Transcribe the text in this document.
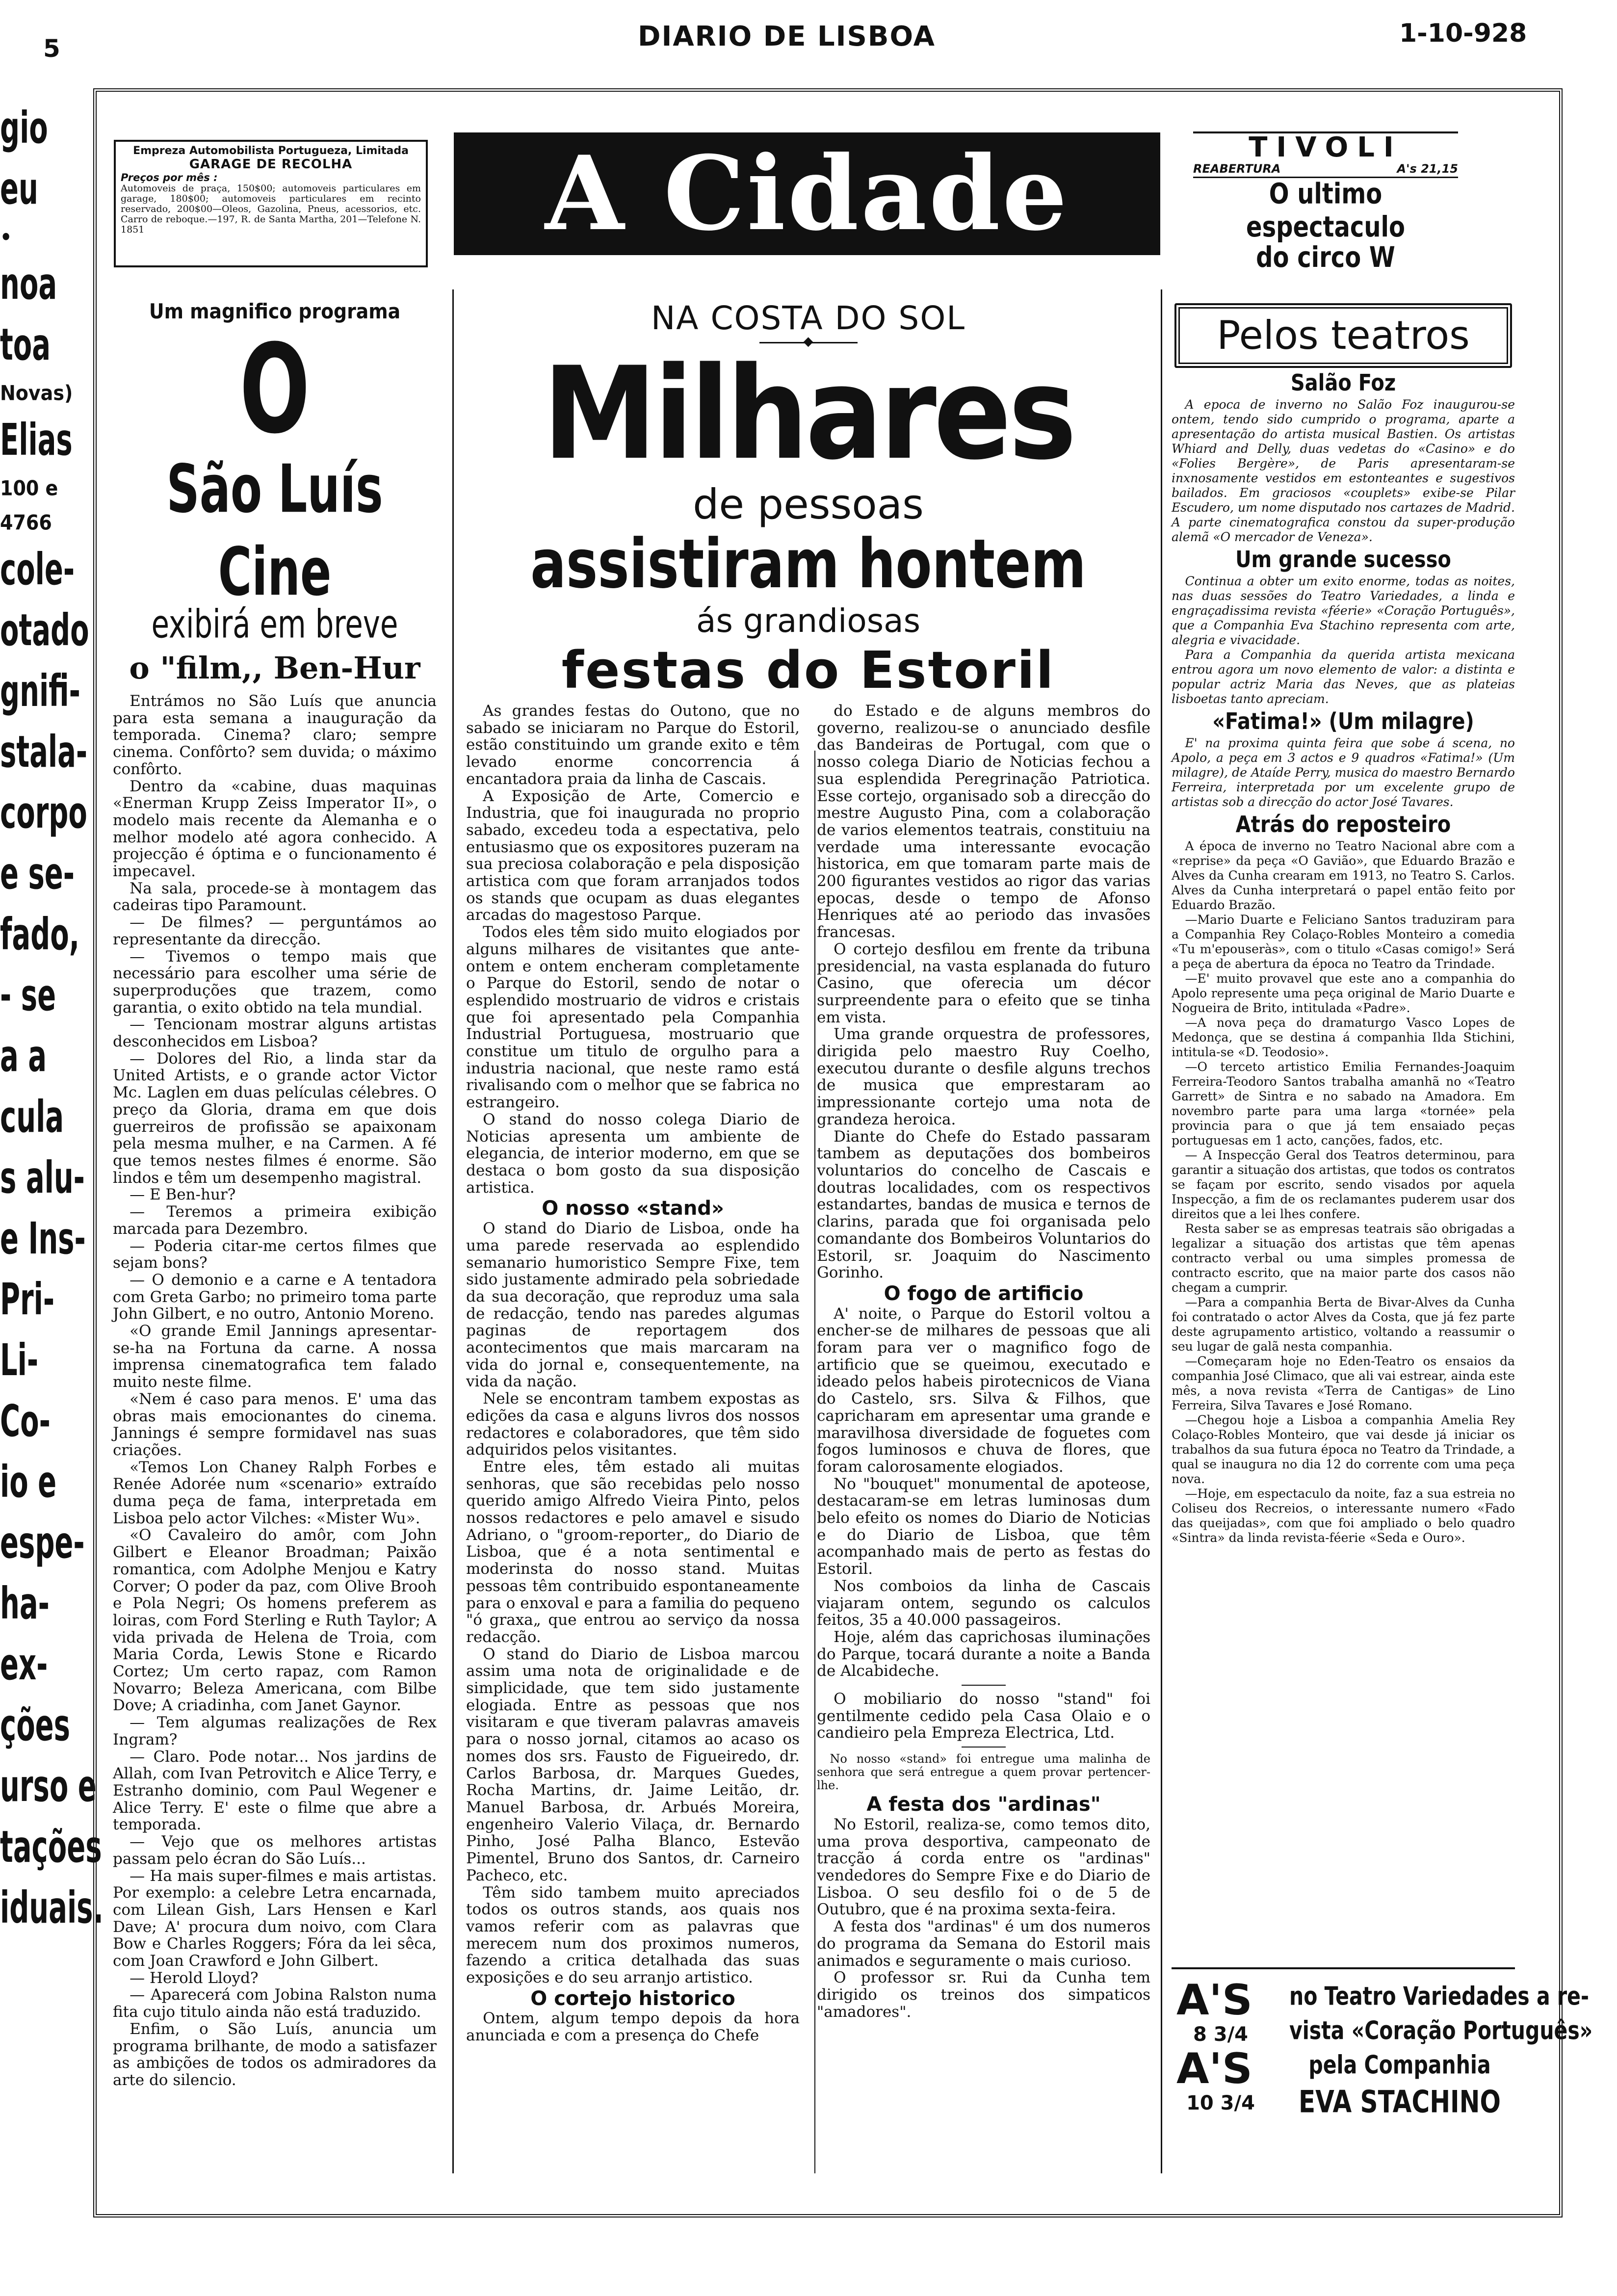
5	DIARIO DE LISBOA	1-10-928
gio
eu
•
noa
toa
Novas)
Elias
100 e
4766
cole-
otado
gnifi-
stala-
corpo
e se-
fado,
- se
a a
cula
s alu-
e Ins-
Pri-
Li-
Co-
io e
espe-
ha-
ex-
ções
urso e
tações
iduais.
Empreza Automobilista Portugueza, Limitada
GARAGE DE RECOLHA
Preços por mês :
Automoveis de praça, 150$00; automoveis particulares em garage, 180$00; automoveis particulares em recinto reservado, 200$00—Oleos, Gazolina, Pneus, acessorios, etc. Carro de reboque.—197, R. de Santa Martha, 201—Telefone N. 1851	A Cidade	TIVOLI
REABERTURA	A's 21,15
O ultimo espectaculo
do circo W
Um magnifico programa
O
São Luís Cine
exibirá em breve
o "film,, Ben-Hur

Entrámos no São Luís que anuncia para esta semana a inauguração da temporada. Cinema? claro; sempre cinema. Confôrto? sem duvida; o máximo confôrto.

Dentro da «cabine, duas maquinas «Enerman Krupp Zeiss Imperator II», o modelo mais recente da Alemanha e o melhor modelo até agora conhecido. A projecção é óptima e o funcionamento é impecavel.

Na sala, procede-se à montagem das cadeiras tipo Paramount.

— De filmes? — perguntámos ao representante da direcção.

— Tivemos o tempo mais que necessário para escolher uma série de superproduções que trazem, como garantia, o exito obtido na tela mundial.

— Tencionam mostrar alguns artistas desconhecidos em Lisboa?

— Dolores del Rio, a linda star da United Artists, e o grande actor Victor Mc. Laglen em duas películas célebres. O preço da Gloria, drama em que dois guerreiros de profissão se apaixonam pela mesma mulher, e na Carmen. A fé que temos nestes filmes é enorme. São lindos e têm um desempenho magistral.

— E Ben-hur?

— Teremos a primeira exibição marcada para Dezembro.

— Poderia citar-me certos filmes que sejam bons?

— O demonio e a carne e A tentadora com Greta Garbo; no primeiro toma parte John Gilbert, e no outro, Antonio Moreno.

«O grande Emil Jannings apresentar-se-ha na Fortuna da carne. A nossa imprensa cinematografica tem falado muito neste filme.

«Nem é caso para menos. E' uma das obras mais emocionantes do cinema. Jannings é sempre formidavel nas suas criações.

«Temos Lon Chaney Ralph Forbes e Renée Adorée num «scenario» extraído duma peça de fama, interpretada em Lisboa pelo actor Vilches: «Mister Wu».

«O Cavaleiro do amôr, com John Gilbert e Eleanor Broadman; Paixão romantica, com Adolphe Menjou e Katry Corver; O poder da paz, com Olive Brooh e Pola Negri; Os homens preferem as loiras, com Ford Sterling e Ruth Taylor; A vida privada de Helena de Troia, com Maria Corda, Lewis Stone e Ricardo Cortez; Um certo rapaz, com Ramon Novarro; Beleza Americana, com Bilbe Dove; A criadinha, com Janet Gaynor.

— Tem algumas realizações de Rex Ingram?

— Claro. Pode notar... Nos jardins de Allah, com Ivan Petrovitch e Alice Terry, e Estranho dominio, com Paul Wegener e Alice Terry. E' este o filme que abre a temporada.

— Vejo que os melhores artistas passam pelo écran do São Luís...

— Ha mais super-filmes e mais artistas. Por exemplo: a celebre Letra encarnada, com Lilean Gish, Lars Hensen e Karl Dave; A' procura dum noivo, com Clara Bow e Charles Roggers; Fóra da lei sêca, com Joan Crawford e John Gilbert.

— Herold Lloyd?

— Aparecerá com Jobina Ralston numa fita cujo titulo ainda não está traduzido.

Enfim, o São Luís, anuncia um programa brilhante, de modo a satisfazer as ambições de todos os admiradores da arte do silencio.

NA COSTA DO SOL
◆
Milhares
de pessoas
assistiram hontem
ás grandiosas
festas do Estoril

As grandes festas do Outono, que no sabado se iniciaram no Parque do Estoril, estão constituindo um grande exito e têm levado enorme concorrencia á encantadora praia da linha de Cascais.

A Exposição de Arte, Comercio e Industria, que foi inaugurada no proprio sabado, excedeu toda a espectativa, pelo entusiasmo que os expositores puzeram na sua preciosa colaboração e pela disposição artistica com que foram arranjados todos os stands que ocupam as duas elegantes arcadas do magestoso Parque.

Todos eles têm sido muito elogiados por alguns milhares de visitantes que ante-ontem e ontem encheram completamente o Parque do Estoril, sendo de notar o esplendido mostruario de vidros e cristais que foi apresentado pela Companhia Industrial Portuguesa, mostruario que constitue um titulo de orgulho para a industria nacional, que neste ramo está rivalisando com o melhor que se fabrica no estrangeiro.

O stand do nosso colega Diario de Noticias apresenta um ambiente de elegancia, de interior moderno, em que se destaca o bom gosto da sua disposição artistica.

O nosso «stand»

O stand do Diario de Lisboa, onde ha uma parede reservada ao esplendido semanario humoristico Sempre Fixe, tem sido justamente admirado pela sobriedade da sua decoração, que reproduz uma sala de redacção, tendo nas paredes algumas paginas de reportagem dos acontecimentos que mais marcaram na vida do jornal e, consequentemente, na vida da nação.

Nele se encontram tambem expostas as edições da casa e alguns livros dos nossos redactores e colaboradores, que têm sido adquiridos pelos visitantes.

Entre eles, têm estado ali muitas senhoras, que são recebidas pelo nosso querido amigo Alfredo Vieira Pinto, pelos nossos redactores e pelo amavel e sisudo Adriano, o "groom-reporter„ do Diario de Lisboa, que é a nota sentimental e moderinsta do nosso stand. Muitas pessoas têm contribuido espontaneamente para o enxoval e para a familia do pequeno "ó graxa„ que entrou ao serviço da nossa redacção.

O stand do Diario de Lisboa marcou assim uma nota de originalidade e de simplicidade, que tem sido justamente elogiada. Entre as pessoas que nos visitaram e que tiveram palavras amaveis para o nosso jornal, citamos ao acaso os nomes dos srs. Fausto de Figueiredo, dr. Carlos Barbosa, dr. Marques Guedes, Rocha Martins, dr. Jaime Leitão, dr. Manuel Barbosa, dr. Arbués Moreira, engenheiro Valerio Vilaça, dr. Bernardo Pinho, José Palha Blanco, Estevão Pimentel, Bruno dos Santos, dr. Carneiro Pacheco, etc.

Têm sido tambem muito apreciados todos os outros stands, aos quais nos vamos referir com as palavras que merecem num dos proximos numeros, fazendo a critica detalhada das suas exposições e do seu arranjo artistico.

O cortejo historico

Ontem, algum tempo depois da hora anunciada e com a presença do Chefe

do Estado e de alguns membros do governo, realizou-se o anunciado desfile das Bandeiras de Portugal, com que o nosso colega Diario de Noticias fechou a sua esplendida Peregrinação Patriotica. Esse cortejo, organisado sob a direcção do mestre Augusto Pina, com a colaboração de varios elementos teatrais, constituiu na verdade uma interessante evocação historica, em que tomaram parte mais de 200 figurantes vestidos ao rigor das varias epocas, desde o tempo de Afonso Henriques até ao periodo das invasões francesas.

O cortejo desfilou em frente da tribuna presidencial, na vasta esplanada do futuro Casino, que oferecia um décor surpreendente para o efeito que se tinha em vista.

Uma grande orquestra de professores, dirigida pelo maestro Ruy Coelho, executou durante o desfile alguns trechos de musica que emprestaram ao impressionante cortejo uma nota de grandeza heroica.

Diante do Chefe do Estado passaram tambem as deputações dos bombeiros voluntarios do concelho de Cascais e doutras localidades, com os respectivos estandartes, bandas de musica e ternos de clarins, parada que foi organisada pelo comandante dos Bombeiros Voluntarios do Estoril, sr. Joaquim do Nascimento Gorinho.

O fogo de artificio

A' noite, o Parque do Estoril voltou a encher-se de milhares de pessoas que ali foram para ver o magnifico fogo de artificio que se queimou, executado e ideado pelos habeis pirotecnicos de Viana do Castelo, srs. Silva & Filhos, que capricharam em apresentar uma grande e maravilhosa diversidade de foguetes com fogos luminosos e chuva de flores, que foram calorosamente elogiados.

No "bouquet" monumental de apoteose, destacaram-se em letras luminosas dum belo efeito os nomes do Diario de Noticias e do Diario de Lisboa, que têm acompanhado mais de perto as festas do Estoril.

Nos comboios da linha de Cascais viajaram ontem, segundo os calculos feitos, 35 a 40.000 passageiros.

Hoje, além das caprichosas iluminações do Parque, tocará durante a noite a Banda de Alcabideche.

O mobiliario do nosso "stand" foi gentilmente cedido pela Casa Olaio e o candieiro pela Empreza Electrica, Ltd.

No nosso «stand» foi entregue uma malinha de senhora que será entregue a quem provar pertencer-lhe.

A festa dos "ardinas"

No Estoril, realiza-se, como temos dito, uma prova desportiva, campeonato de tracção á corda entre os "ardinas" vendedores do Sempre Fixe e do Diario de Lisboa. O seu desfilo foi o de 5 de Outubro, que é na proxima sexta-feira.

A festa dos "ardinas" é um dos numeros do programa da Semana do Estoril mais animados e seguramente o mais curioso.

O professor sr. Rui da Cunha tem dirigido os treinos dos simpaticos "amadores".

Pelos teatros
Salão Foz

A epoca de inverno no Salão Foz inaugurou-se ontem, tendo sido cumprido o programa, aparte a apresentação do artista musical Bastien. Os artistas Whiard and Delly, duas vedetas do «Casino» e do «Folies Bergère», de Paris apresentaram-se inxnosamente vestidos em estonteantes e sugestivos bailados. Em graciosos «couplets» exibe-se Pilar Escudero, um nome disputado nos cartazes de Madrid. A parte cinematografica constou da super-produção alemã «O mercador de Veneza».

Um grande sucesso

Continua a obter um exito enorme, todas as noites, nas duas sessões do Teatro Variedades, a linda e engraçadissima revista «féerie» «Coração Português», que a Companhia Eva Stachino representa com arte, alegria e vivacidade.

Para a Companhia da querida artista mexicana entrou agora um novo elemento de valor: a distinta e popular actriz Maria das Neves, que as plateias lisboetas tanto apreciam.

«Fatima!» (Um milagre)

E' na proxima quinta feira que sobe á scena, no Apolo, a peça em 3 actos e 9 quadros «Fatima!» (Um milagre), de Ataíde Perry, musica do maestro Bernardo Ferreira, interpretada por um excelente grupo de artistas sob a direcção do actor José Tavares.

Atrás do reposteiro

A época de inverno no Teatro Nacional abre com a «reprise» da peça «O Gavião», que Eduardo Brazão e Alves da Cunha crearam em 1913, no Teatro S. Carlos. Alves da Cunha interpretará o papel então feito por Eduardo Brazão.

—Mario Duarte e Feliciano Santos traduziram para a Companhia Rey Colaço-Robles Monteiro a comedia «Tu m'epouseràs», com o titulo «Casas comigo!» Será a peça de abertura da época no Teatro da Trindade.

—E' muito provavel que este ano a companhia do Apolo represente uma peça original de Mario Duarte e Nogueira de Brito, intitulada «Padre».

—A nova peça do dramaturgo Vasco Lopes de Medonça, que se destina á companhia Ilda Stichini, intitula-se «D. Teodosio».

—O terceto artistico Emilia Fernandes-Joaquim Ferreira-Teodoro Santos trabalha amanhã no «Teatro Garrett» de Sintra e no sabado na Amadora. Em novembro parte para uma larga «tornée» pela provincia para o que já tem ensaiado peças portuguesas em 1 acto, canções, fados, etc.

— A Inspecção Geral dos Teatros determinou, para garantir a situação dos artistas, que todos os contratos se façam por escrito, sendo visados por aquela Inspecção, a fim de os reclamantes puderem usar dos direitos que a lei lhes confere.

Resta saber se as empresas teatrais são obrigadas a legalizar a situação dos artistas que têm apenas contracto verbal ou uma simples promessa de contracto escrito, que na maior parte dos casos não chegam a cumprir.

—Para a companhia Berta de Bivar-Alves da Cunha foi contratado o actor Alves da Costa, que já fez parte deste agrupamento artistico, voltando a reassumir o seu lugar de galã nesta companhia.

—Começaram hoje no Eden-Teatro os ensaios da companhia José Climaco, que ali vai estrear, ainda este mês, a nova revista «Terra de Cantigas» de Lino Ferreira, Silva Tavares e José Romano.

—Chegou hoje a Lisboa a companhia Amelia Rey Colaço-Robles Monteiro, que vai desde já iniciar os trabalhos da sua futura época no Teatro da Trindade, a qual se inaugura no dia 12 do corrente com uma peça nova.

—Hoje, em espectaculo da noite, faz a sua estreia no Coliseu dos Recreios, o interessante numero «Fado das queijadas», com que foi ampliado o belo quadro «Sintra» da linda revista-féerie «Seda e Ouro».

A'S
8 3/4
A'S
10 3/4
no Teatro Variedades a re-
vista «Coração Português»
pela Companhia
EVA STACHINO
